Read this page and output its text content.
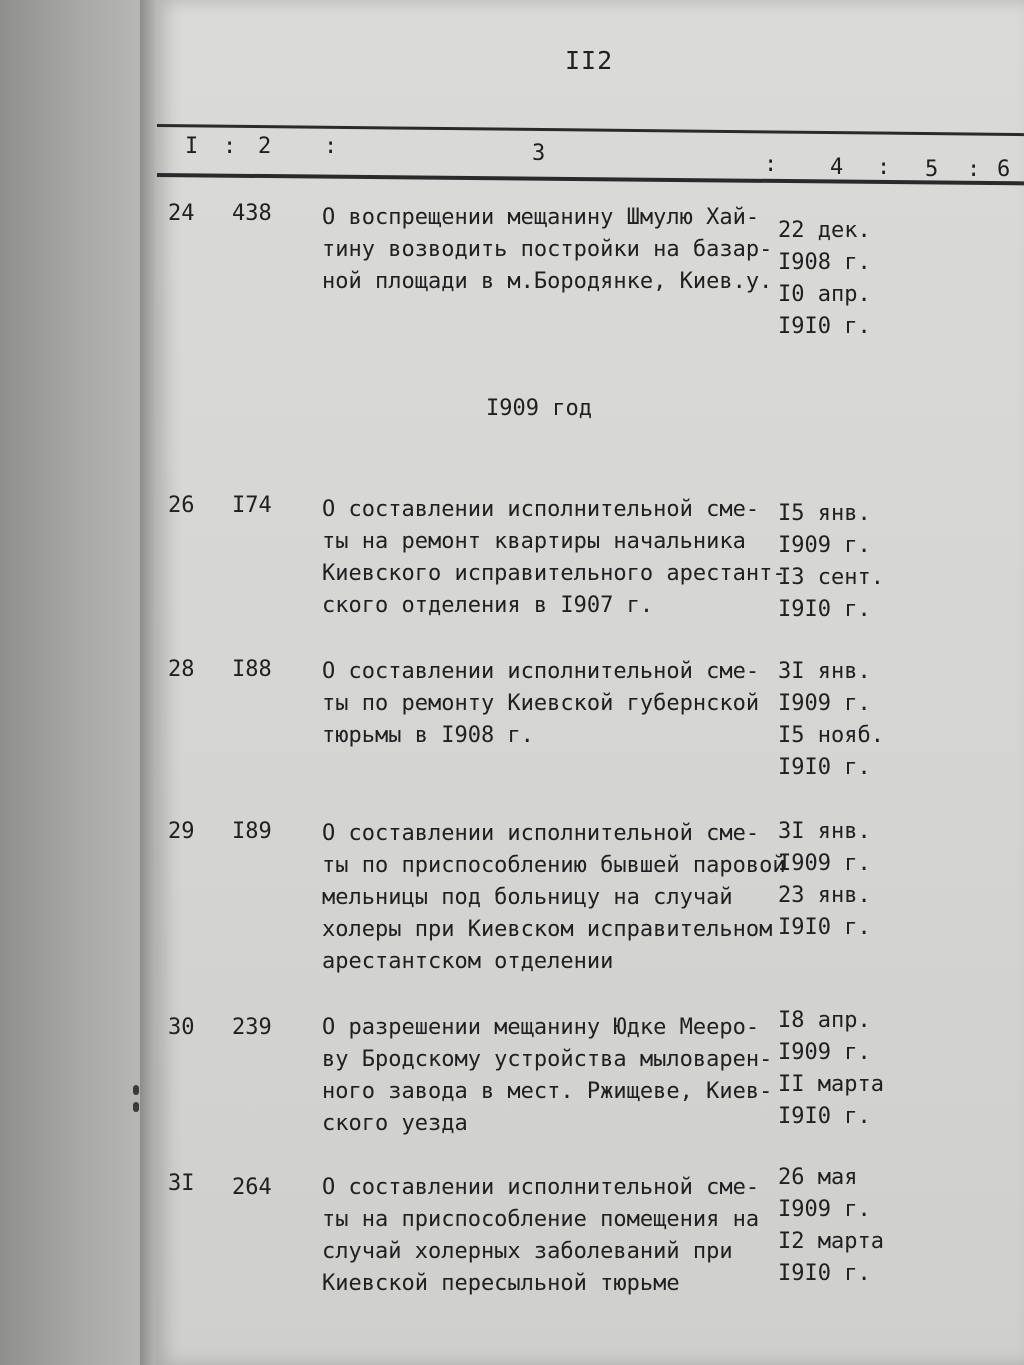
II2
I : 2 :	3	: 4 : 5 : 6
24 438 О воспрещении мещанину Шмулю Хай-
тину возводить постройки на базар-
ной площади в м.Бородянке, Киев.у.
22 дек.
I908 г.
I0 апр.
I9I0 г.
I909 год
26 I74 О составлении исполнительной сме-
ты на ремонт квартиры начальника
Киевского исправительного арестант-
ского отделения в I907 г.
I5 янв.
I909 г.
I3 сент.
I9I0 г.
28 I88 О составлении исполнительной сме-
ты по ремонту Киевской губернской
тюрьмы в I908 г.
3I янв.
I909 г.
I5 нояб.
I9I0 г.
29 I89 О составлении исполнительной сме-
ты по приспособлению бывшей паровой
мельницы под больницу на случай
холеры при Киевском исправительном
арестантском отделении
3I янв.
I909 г.
23 янв.
I9I0 г.
30 239 О разрешении мещанину Юдке Мееро-
ву Бродскому устройства мыловарен-
ного завода в мест. Ржищеве, Киев-
ского уезда
I8 апр.
I909 г.
II марта
I9I0 г.
3I 264 О составлении исполнительной сме-
ты на приспособление помещения на
случай холерных заболеваний при
Киевской пересыльной тюрьме
26 мая
I909 г.
I2 марта
I9I0 г.
